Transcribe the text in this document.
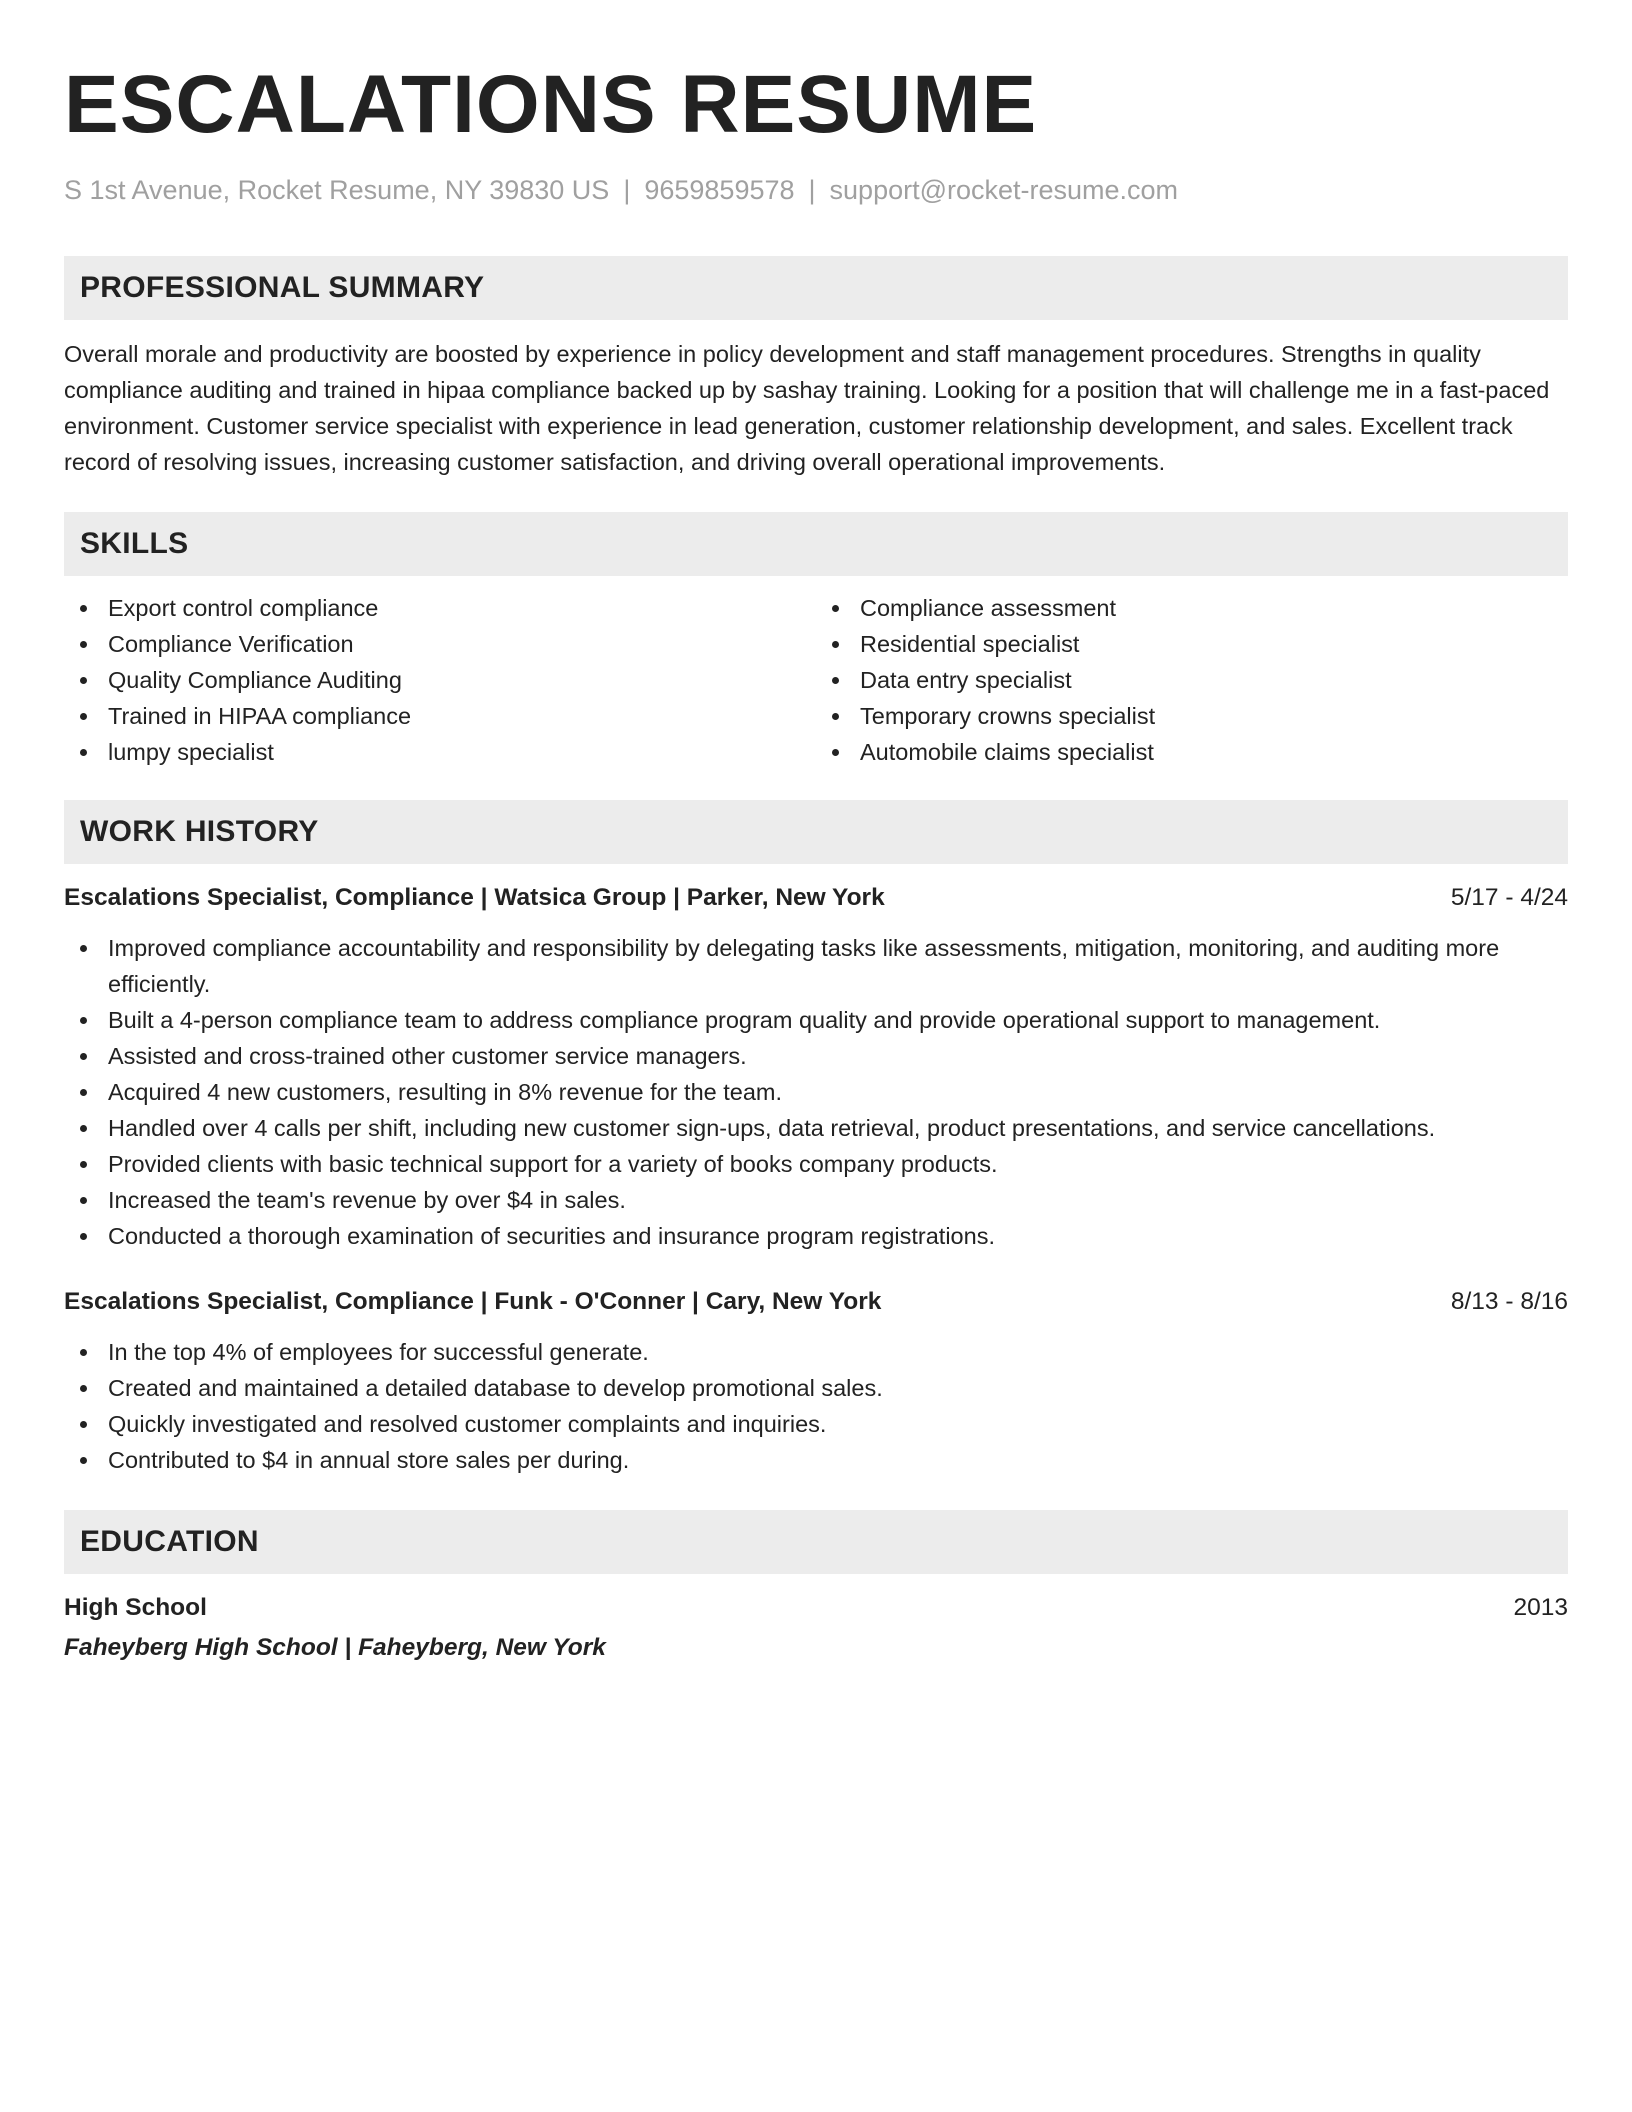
ESCALATIONS RESUME
S 1st Avenue, Rocket Resume, NY 39830 US | 9659859578 | support@rocket-resume.com
PROFESSIONAL SUMMARY
Overall morale and productivity are boosted by experience in policy development and staff management procedures. Strengths in quality compliance auditing and trained in hipaa compliance backed up by sashay training. Looking for a position that will challenge me in a fast-paced environment. Customer service specialist with experience in lead generation, customer relationship development, and sales. Excellent track record of resolving issues, increasing customer satisfaction, and driving overall operational improvements.
SKILLS
Export control compliance
Compliance Verification
Quality Compliance Auditing
Trained in HIPAA compliance
lumpy specialist
Compliance assessment
Residential specialist
Data entry specialist
Temporary crowns specialist
Automobile claims specialist
WORK HISTORY
Escalations Specialist, Compliance | Watsica Group | Parker, New York	5/17 - 4/24
Improved compliance accountability and responsibility by delegating tasks like assessments, mitigation, monitoring, and auditing more efficiently.
Built a 4-person compliance team to address compliance program quality and provide operational support to management.
Assisted and cross-trained other customer service managers.
Acquired 4 new customers, resulting in 8% revenue for the team.
Handled over 4 calls per shift, including new customer sign-ups, data retrieval, product presentations, and service cancellations.
Provided clients with basic technical support for a variety of books company products.
Increased the team's revenue by over $4 in sales.
Conducted a thorough examination of securities and insurance program registrations.
Escalations Specialist, Compliance | Funk - O'Conner | Cary, New York	8/13 - 8/16
In the top 4% of employees for successful generate.
Created and maintained a detailed database to develop promotional sales.
Quickly investigated and resolved customer complaints and inquiries.
Contributed to $4 in annual store sales per during.
EDUCATION
High School	2013
Faheyberg High School | Faheyberg, New York
